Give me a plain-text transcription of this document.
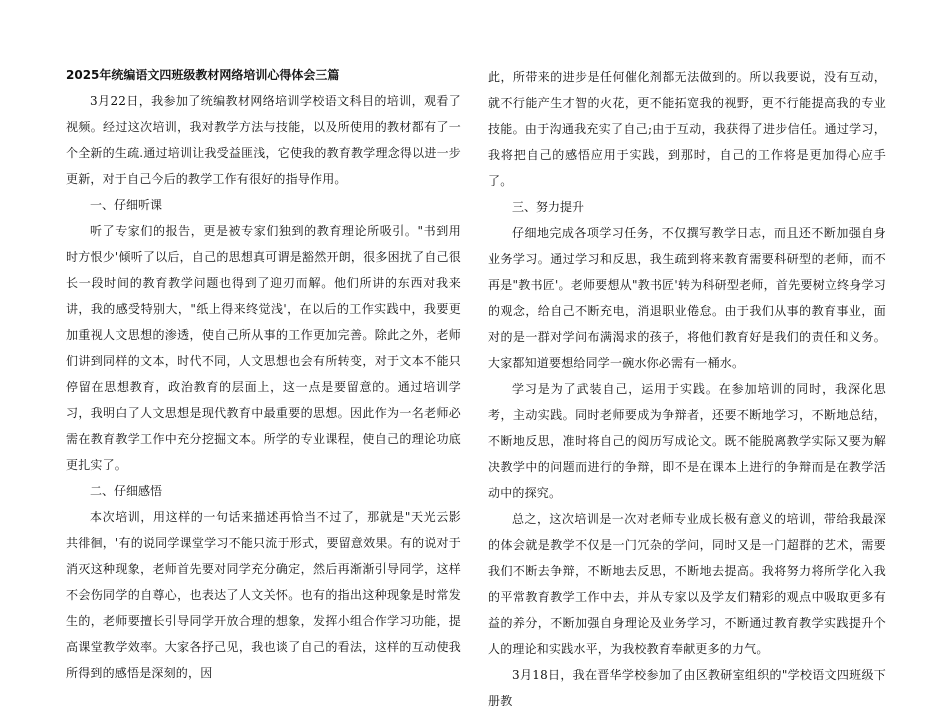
2025年统编语文四班级教材网络培训心得体会三篇

3月22日，我参加了统编教材网络培训学校语文科目的培训，观看了视频。经过这次培训，我对教学方法与技能，以及所使用的教材都有了一个全新的生疏.通过培训让我受益匪浅，它使我的教育教学理念得以进一步更新，对于自己今后的教学工作有很好的指导作用。

一、仔细听课

听了专家们的报告，更是被专家们独到的教育理论所吸引。"书到用时方恨少'倾听了以后，自己的思想真可谓是豁然开朗，很多困扰了自己很长一段时间的教育教学问题也得到了迎刃而解。他们所讲的东西对我来讲，我的感受特别大，"纸上得来终觉浅'，在以后的工作实践中，我要更加重视人文思想的渗透，使自己所从事的工作更加完善。除此之外，老师们讲到同样的文本，时代不同，人文思想也会有所转变，对于文本不能只停留在思想教育，政治教育的层面上，这一点是要留意的。通过培训学习，我明白了人文思想是现代教育中最重要的思想。因此作为一名老师必需在教育教学工作中充分挖掘文本。所学的专业课程，使自己的理论功底更扎实了。

二、仔细感悟

本次培训，用这样的一句话来描述再恰当不过了，那就是"天光云影共徘徊，'有的说同学课堂学习不能只流于形式，要留意效果。有的说对于消灭这种现象，老师首先要对同学充分确定，然后再渐渐引导同学，这样不会伤同学的自尊心，也表达了人文关怀。也有的指出这种现象是时常发生的，老师要擅长引导同学开放合理的想象，发挥小组合作学习功能，提高课堂教学效率。大家各抒己见，我也谈了自己的看法，这样的互动使我所得到的感悟是深刻的，因

此，所带来的进步是任何催化剂都无法做到的。所以我要说，没有互动，就不行能产生才智的火花，更不能拓宽我的视野，更不行能提高我的专业技能。由于沟通我充实了自己;由于互动，我获得了进步信任。通过学习，我将把自己的感悟应用于实践，到那时，自己的工作将是更加得心应手了。

三、努力提升

仔细地完成各项学习任务，不仅撰写教学日志，而且还不断加强自身业务学习。通过学习和反思，我生疏到将来教育需要科研型的老师，而不再是"教书匠'。老师要想从"教书匠'转为科研型老师，首先要树立终身学习的观念，给自己不断充电，消退职业倦怠。由于我们从事的教育事业，面对的是一群对学问布满渴求的孩子，将他们教育好是我们的责任和义务。大家都知道要想给同学一碗水你必需有一桶水。

学习是为了武装自己，运用于实践。在参加培训的同时，我深化思考，主动实践。同时老师要成为争辩者，还要不断地学习，不断地总结，不断地反思，准时将自己的阅历写成论文。既不能脱离教学实际又要为解决教学中的问题而进行的争辩，即不是在课本上进行的争辩而是在教学活动中的探究。

总之，这次培训是一次对老师专业成长极有意义的培训，带给我最深的体会就是教学不仅是一门冗杂的学问，同时又是一门超群的艺术，需要我们不断去争辩，不断地去反思，不断地去提高。我将努力将所学化入我的平常教育教学工作中去，并从专家以及学友们精彩的观点中吸取更多有益的养分，不断加强自身理论及业务学习，不断通过教育教学实践提升个人的理论和实践水平，为我校教育奉献更多的力气。

3月18日，我在晋华学校参加了由区教研室组织的"学校语文四班级下册教
